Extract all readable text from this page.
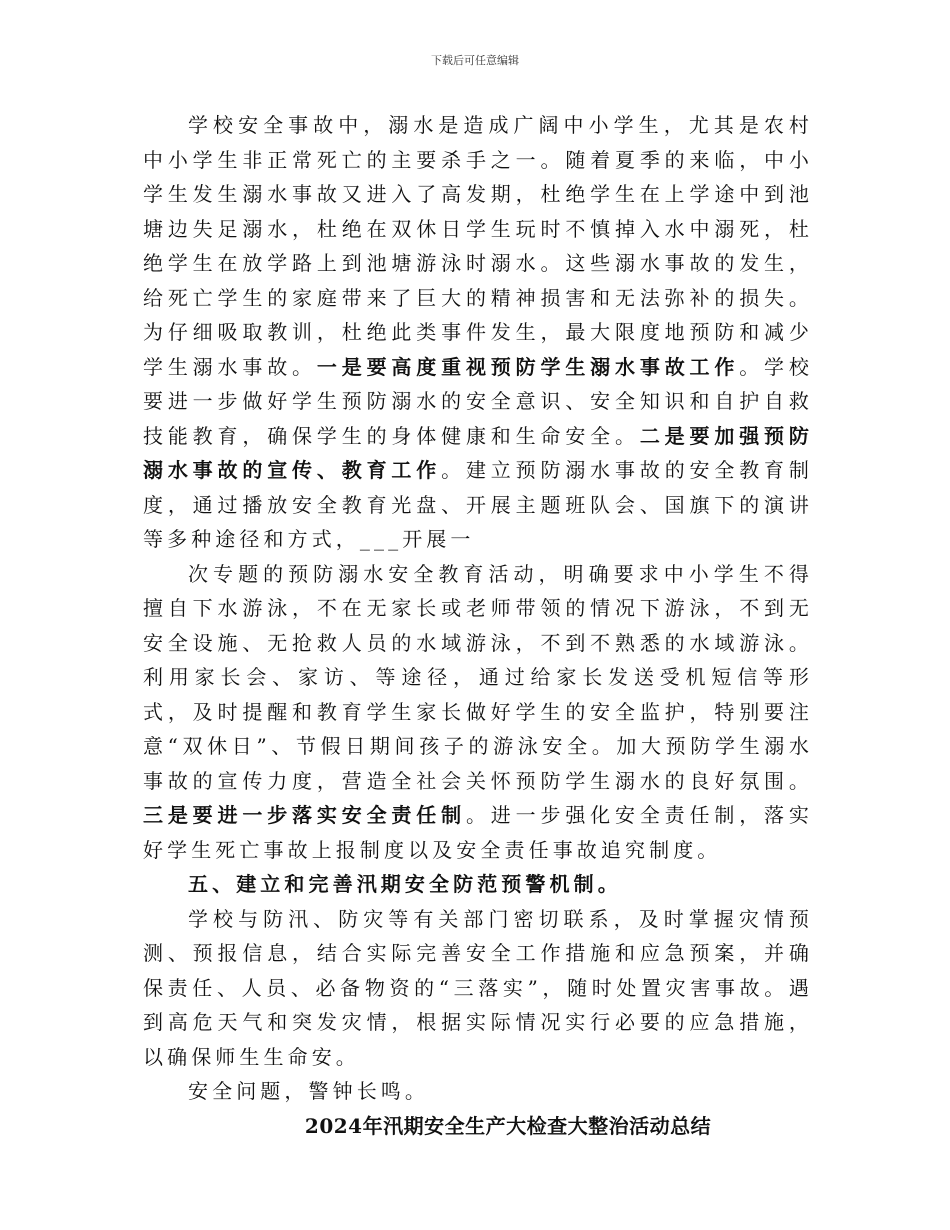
下载后可任意编辑

学校安全事故中，溺水是造成广阔中小学生，尤其是农村中小学生非正常死亡的主要杀手之一。随着夏季的来临，中小学生发生溺水事故又进入了高发期，杜绝学生在上学途中到池塘边失足溺水，杜绝在双休日学生玩时不慎掉入水中溺死，杜绝学生在放学路上到池塘游泳时溺水。这些溺水事故的发生，给死亡学生的家庭带来了巨大的精神损害和无法弥补的损失。为仔细吸取教训，杜绝此类事件发生，最大限度地预防和减少学生溺水事故。一是要高度重视预防学生溺水事故工作。学校要进一步做好学生预防溺水的安全意识、安全知识和自护自救技能教育，确保学生的身体健康和生命安全。二是要加强预防溺水事故的宣传、教育工作。建立预防溺水事故的安全教育制度，通过播放安全教育光盘、开展主题班队会、国旗下的演讲等多种途径和方式，___开展一

次专题的预防溺水安全教育活动，明确要求中小学生不得擅自下水游泳，不在无家长或老师带领的情况下游泳，不到无安全设施、无抢救人员的水域游泳，不到不熟悉的水域游泳。利用家长会、家访、等途径，通过给家长发送受机短信等形式，及时提醒和教育学生家长做好学生的安全监护，特别要注意“双休日”、节假日期间孩子的游泳安全。加大预防学生溺水事故的宣传力度，营造全社会关怀预防学生溺水的良好氛围。三是要进一步落实安全责任制。进一步强化安全责任制，落实好学生死亡事故上报制度以及安全责任事故追究制度。

五、建立和完善汛期安全防范预警机制。

学校与防汛、防灾等有关部门密切联系，及时掌握灾情预测、预报信息，结合实际完善安全工作措施和应急预案，并确保责任、人员、必备物资的“三落实”，随时处置灾害事故。遇到高危天气和突发灾情，根据实际情况实行必要的应急措施，以确保师生生命安。

安全问题，警钟长鸣。

2024年汛期安全生产大检查大整治活动总结
